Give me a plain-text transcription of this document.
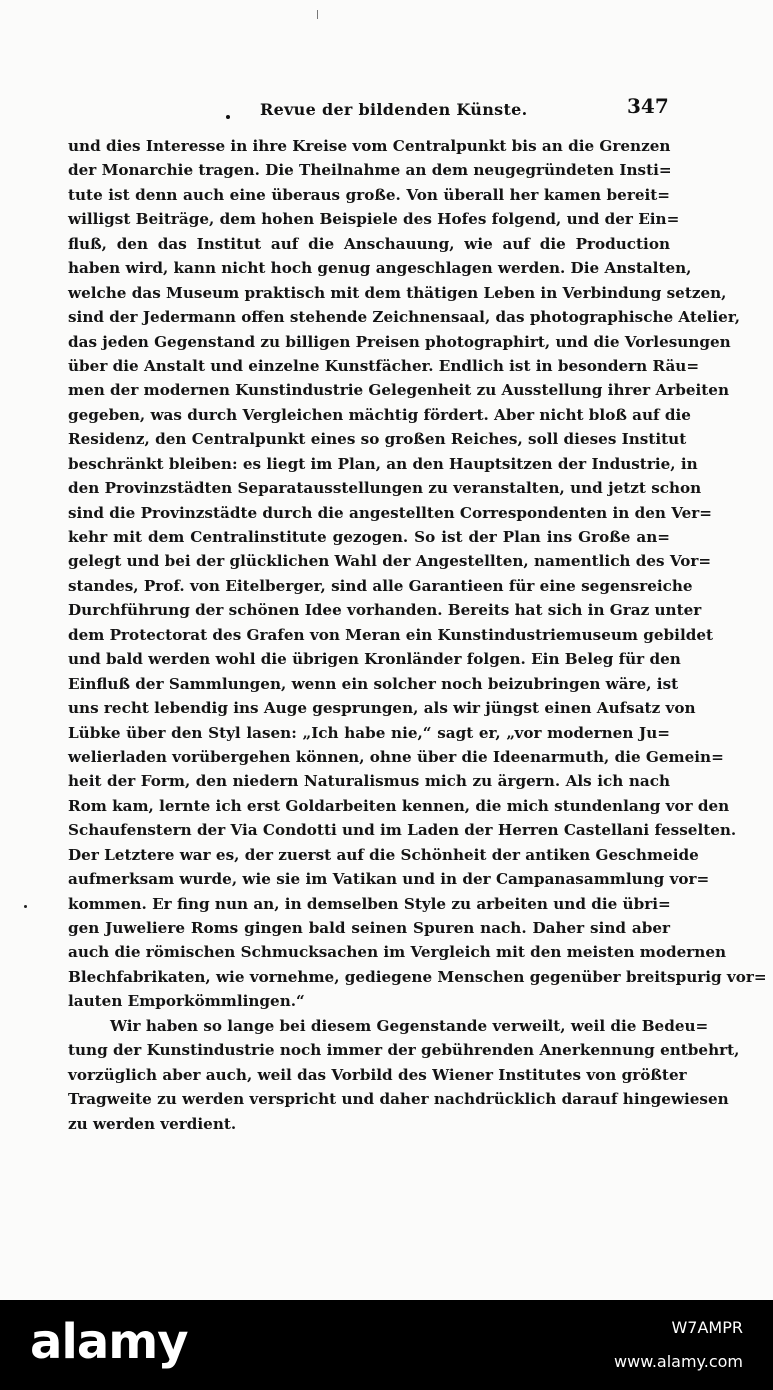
Revue der bildenden Künste.	347
und dies Interesse in ihre Kreise vom Centralpunkt bis an die Grenzen
der Monarchie tragen. Die Theilnahme an dem neugegründeten Insti=
tute ist denn auch eine überaus große. Von überall her kamen bereit=
willigst Beiträge, dem hohen Beispiele des Hofes folgend, und der Ein=
fluß, den das Institut auf die Anschauung, wie auf die Production
haben wird, kann nicht hoch genug angeschlagen werden. Die Anstalten,
welche das Museum praktisch mit dem thätigen Leben in Verbindung setzen,
sind der Jedermann offen stehende Zeichnensaal, das photographische Atelier,
das jeden Gegenstand zu billigen Preisen photographirt, und die Vorlesungen
über die Anstalt und einzelne Kunstfächer. Endlich ist in besondern Räu=
men der modernen Kunstindustrie Gelegenheit zu Ausstellung ihrer Arbeiten
gegeben, was durch Vergleichen mächtig fördert. Aber nicht bloß auf die
Residenz, den Centralpunkt eines so großen Reiches, soll dieses Institut
beschränkt bleiben: es liegt im Plan, an den Hauptsitzen der Industrie, in
den Provinzstädten Separatausstellungen zu veranstalten, und jetzt schon
sind die Provinzstädte durch die angestellten Correspondenten in den Ver=
kehr mit dem Centralinstitute gezogen. So ist der Plan ins Große an=
gelegt und bei der glücklichen Wahl der Angestellten, namentlich des Vor=
standes, Prof. von Eitelberger, sind alle Garantieen für eine segensreiche
Durchführung der schönen Idee vorhanden. Bereits hat sich in Graz unter
dem Protectorat des Grafen von Meran ein Kunstindustriemuseum gebildet
und bald werden wohl die übrigen Kronländer folgen. Ein Beleg für den
Einfluß der Sammlungen, wenn ein solcher noch beizubringen wäre, ist
uns recht lebendig ins Auge gesprungen, als wir jüngst einen Aufsatz von
Lübke über den Styl lasen: „Ich habe nie,“ sagt er, „vor modernen Ju=
welierladen vorübergehen können, ohne über die Ideenarmuth, die Gemein=
heit der Form, den niedern Naturalismus mich zu ärgern. Als ich nach
Rom kam, lernte ich erst Goldarbeiten kennen, die mich stundenlang vor den
Schaufenstern der Via Condotti und im Laden der Herren Castellani fesselten.
Der Letztere war es, der zuerst auf die Schönheit der antiken Geschmeide
aufmerksam wurde, wie sie im Vatikan und in der Campanasammlung vor=
kommen. Er fing nun an, in demselben Style zu arbeiten und die übri=
gen Juweliere Roms gingen bald seinen Spuren nach. Daher sind aber
auch die römischen Schmucksachen im Vergleich mit den meisten modernen
Blechfabrikaten, wie vornehme, gediegene Menschen gegenüber breitspurig vor=
lauten Emporkömmlingen.“
Wir haben so lange bei diesem Gegenstande verweilt, weil die Bedeu=
tung der Kunstindustrie noch immer der gebührenden Anerkennung entbehrt,
vorzüglich aber auch, weil das Vorbild des Wiener Institutes von größter
Tragweite zu werden verspricht und daher nachdrücklich darauf hingewiesen
zu werden verdient.
alamy	W7AMPR
www.alamy.com
